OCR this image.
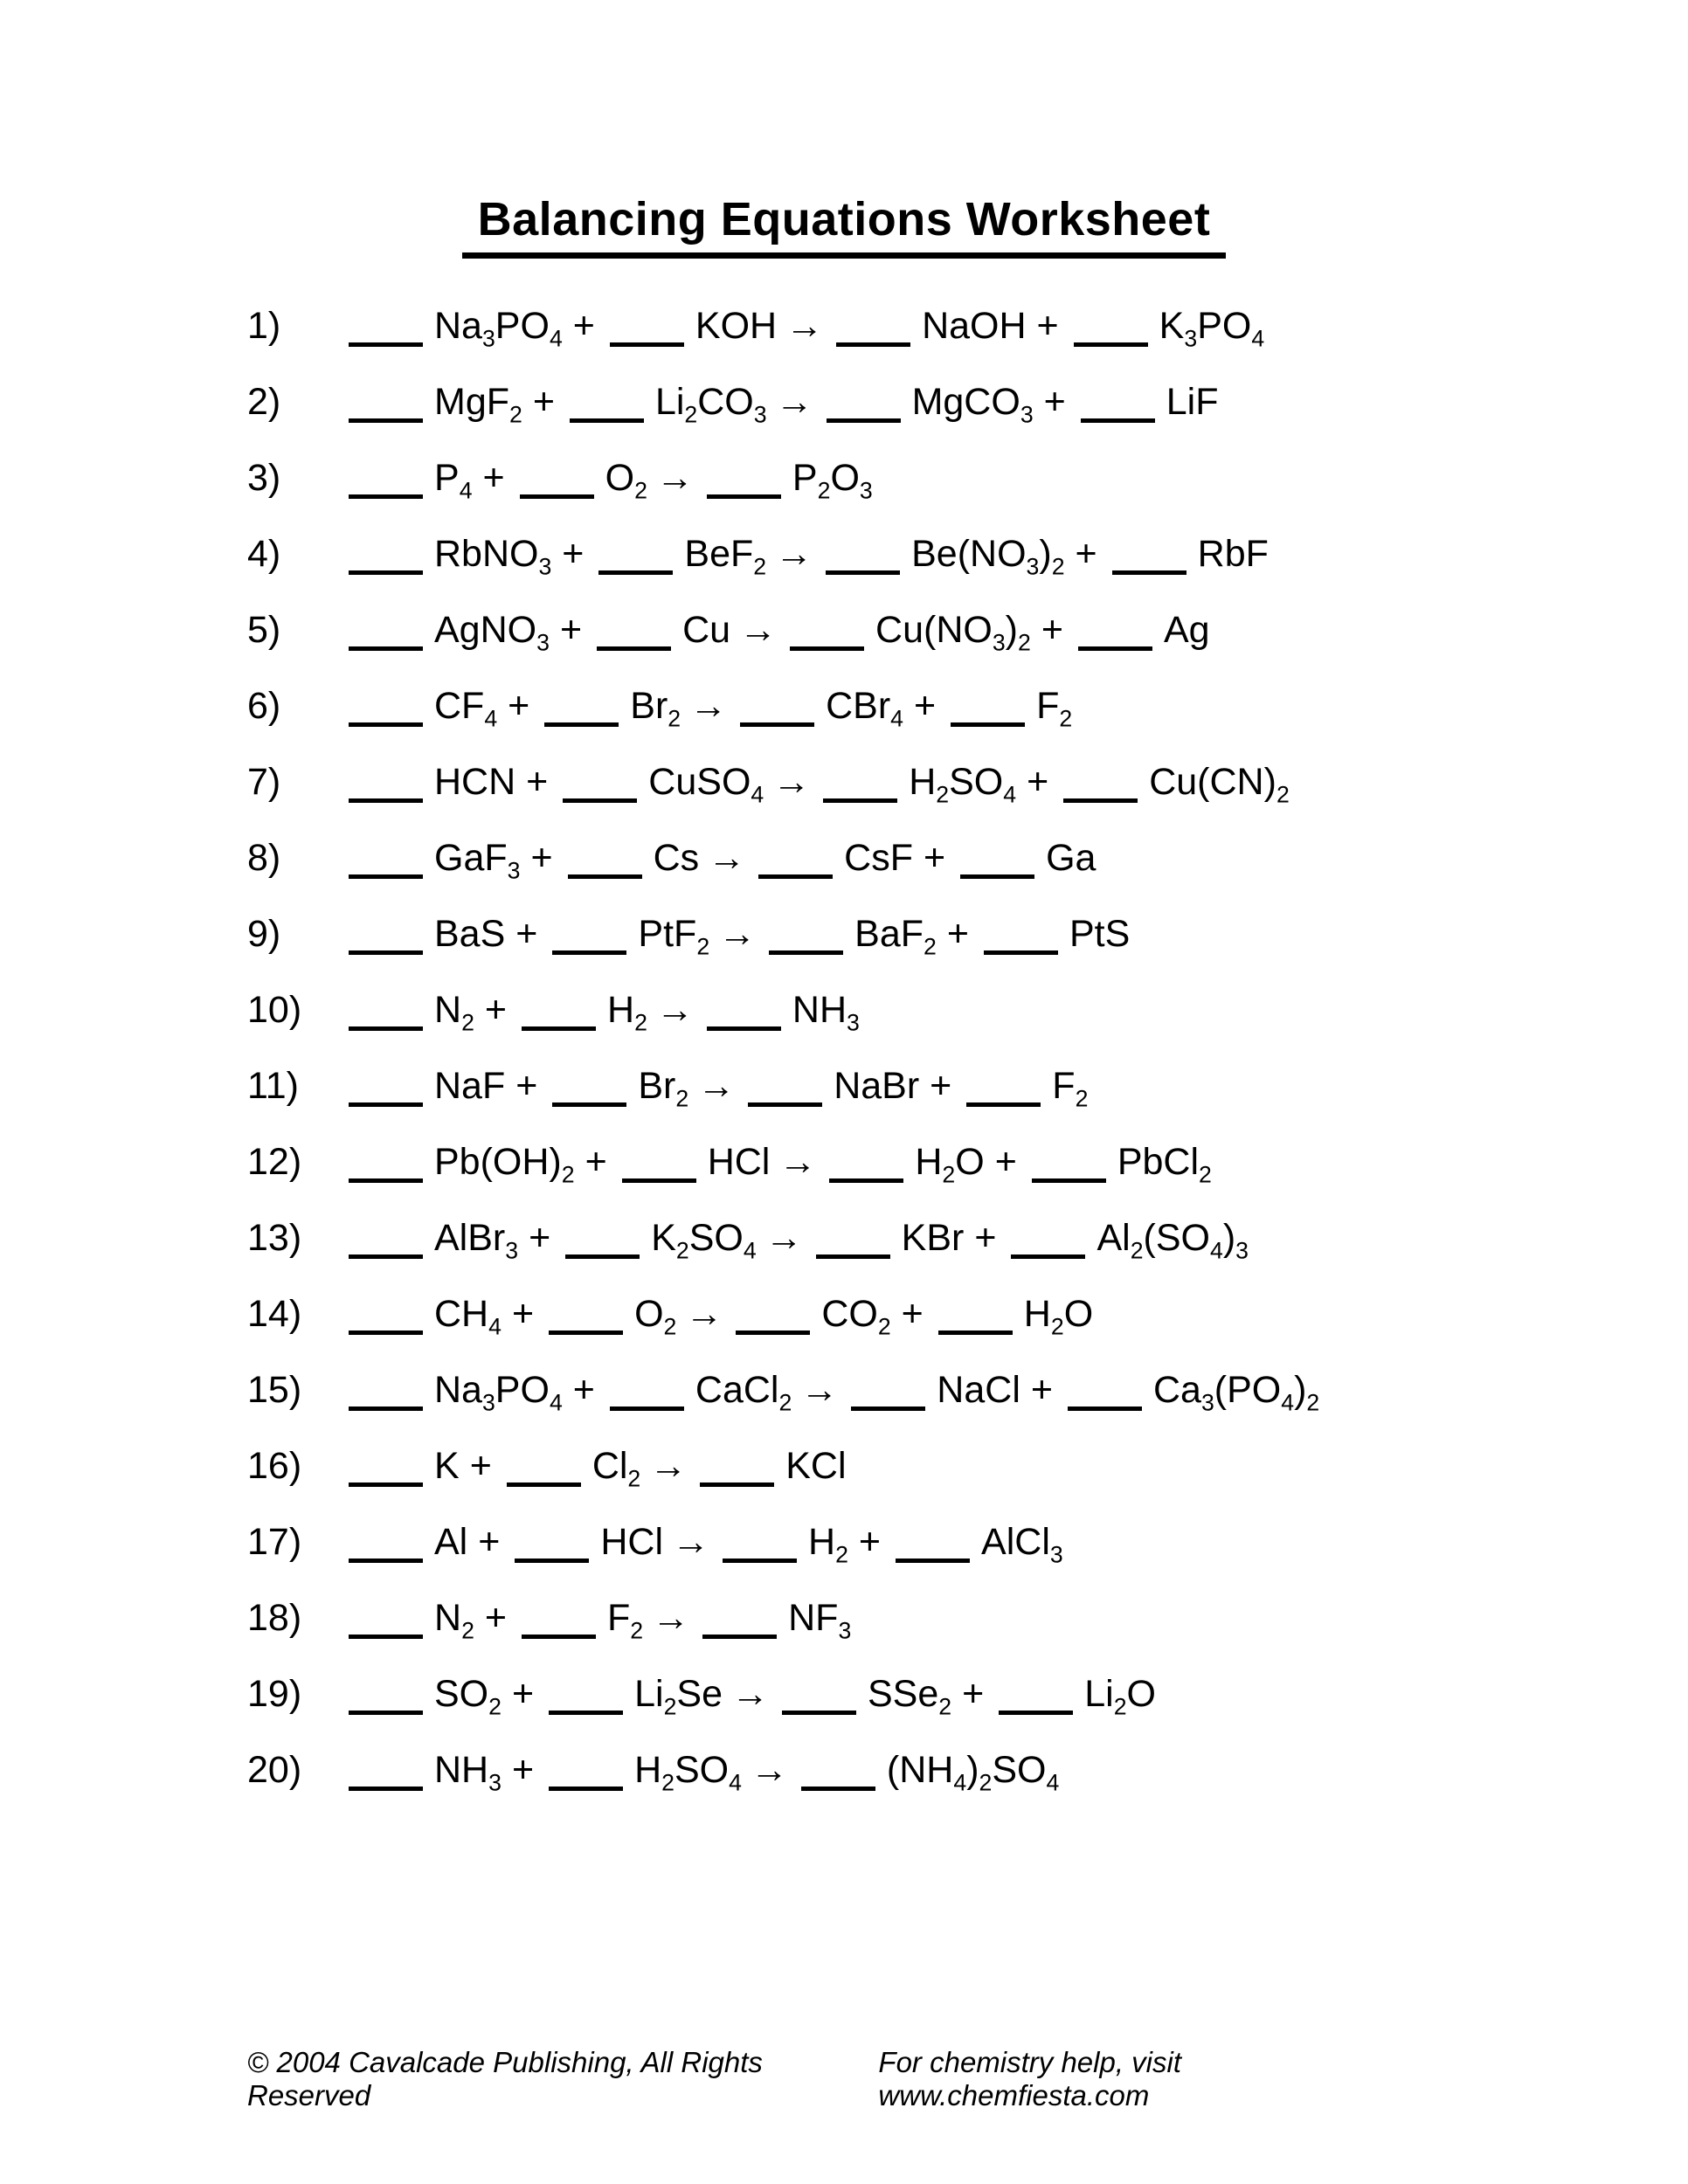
Balancing Equations Worksheet
1)	$Na_3PO_4$ +	KOH →	NaOH +	$K_3PO_4$
2)	MgF$_2$ +	$Li_2CO_3$ →	MgCO$_3$ +	LiF
3)	$P_4$ +	$O_2$ →	$P_2O_3$
4)	RbNO$_3$ +	BeF$_2$ →	$Be(NO_3)_2$ +	RbF
5)	AgNO$_3$ +	Cu →	$Cu(NO_3)_2$ +	Ag
6)	$CF_4$ +	$Br_2$ →	CBr$_4$ +	$F_2$
7)	HCN +	CuSO$_4$ →	$H_2SO_4$ +	$Cu(CN)_2$
8)	GaF$_3$ +	Cs →	CsF +	Ga
9)	BaS +	PtF$_2$ →	BaF$_2$ +	PtS
10)	$N_2$ +	$H_2$ →	$NH_3$
11)	NaF +	$Br_2$ →	NaBr +	$F_2$
12)	$Pb(OH)_2$ +	HCl →	$H_2O$ +	PbCl$_2$
13)	AlBr$_3$ +	$K_2SO_4$ →	KBr +	$Al_2(SO_4)_3$
14)	$CH_4$ +	$O_2$ →	$CO_2$ +	$H_2O$
15)	$Na_3PO_4$ +	CaCl$_2$ →	NaCl +	$Ca_3(PO_4)_2$
16)	K +	$Cl_2$ →	KCl
17)	Al +	HCl →	$H_2$ +	AlCl$_3$
18)	$N_2$ +	$F_2$ →	$NF_3$
19)	$SO_2$ +	$Li_2Se$ →	SSe$_2$ +	$Li_2O$
20)	$NH_3$ +	$H_2SO_4$ →	$(NH_4)_2SO_4$
© 2004 Cavalcade Publishing, All Rights Reserved
For chemistry help, visit www.chemfiesta.com
